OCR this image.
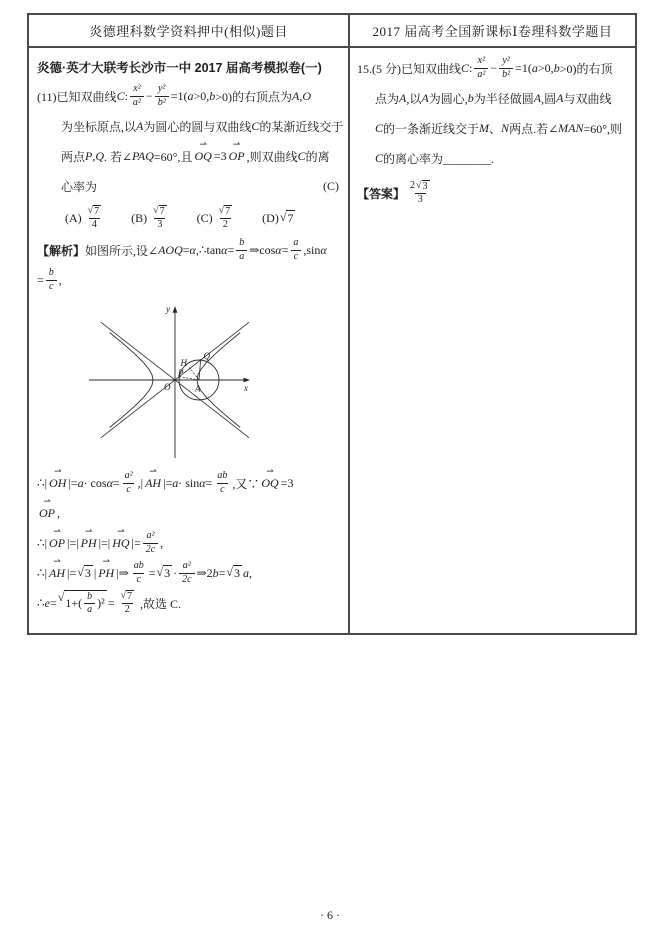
炎德理科数学资料押中(相似)题目	2017 届高考全国新课标Ⅰ卷理科数学题目
炎德·英才大联考长沙市一中 2017 届高考模拟卷(一)
(11)已知双曲线 C : $\frac{\text{x²}}{\text{a²}} - \frac{\text{y²}}{\text{b²}} =1$( a >0, b >0)的右顶点为 A , O
为坐标原点,以 A 为圆心的圆与双曲线 C 的某渐近线交于
两点 P , Q . 若∠ PAQ =60°,且 OQ ⇀ =3 OP ⇀ ,则双曲线 C 的离
心率为	(C)
$(A) \frac{√ 7}{4} (B) \frac{√ 7}{3} (C) \frac{√ 7}{2} (D)$ √ 7
【解析】 如图所示,设∠ AOQ = α ,∴tan $\alpha = \frac{b}{a}$ ⇒cos $\alpha = \frac{a}{c} ,\sin$ α
= $\frac{b}{c}$ ,
y
x
O	A
P
H
Q
∴| OH ⇀ |= $a \cdot \cos \alpha = \frac{\text{a²}}{c}$ ,| AH ⇀ |= $a \cdot \sin \alpha = \frac{ab}{c}$ ,又∵ OQ ⇀ =3
OP ⇀ ,
∴| OP ⇀ |=| PH ⇀ |=| HQ ⇀ |= $\frac{\text{a²}}{2c}$ ,
∴| AH ⇀ |= √ 3 | PH ⇀ |⇒ $\frac{ab}{c}$ = √ $3 \cdot \frac{\text{a²}}{2c}$ ⇒2 b = √ 3 a ,
∴ e = √ $1+( \frac{b}{a} )^2 = \frac{√ 7}{2}$ ,故选 C.
15.(5 分)已知双曲线 C : $\frac{\text{x²}}{\text{a²}} - \frac{\text{y²}}{\text{b²}} =1$( a >0, b >0)的右顶
点为 A ,以 A 为圆心, b 为半径做圆 A ,圆 A 与双曲线
C 的一条渐近线交于 M 、 N 两点.若∠ MAN =60°,则
C 的离心率为________.
【答案】 $\frac{2 √ 3}{3}$
· 6 ·
